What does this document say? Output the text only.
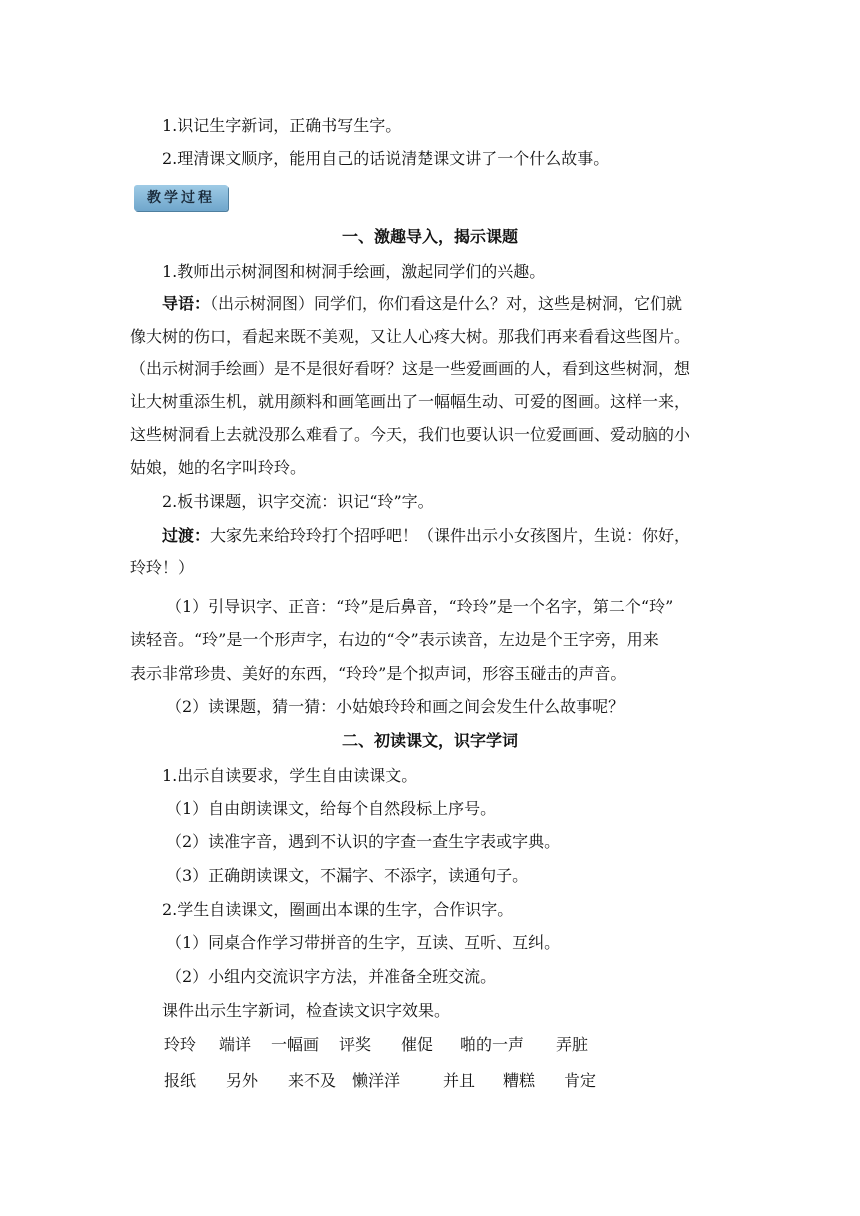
1.识记生字新词，正确书写生字。
2.理清课文顺序，能用自己的话说清楚课文讲了一个什么故事。
教学过程
一、激趣导入，揭示课题
1.教师出示树洞图和树洞手绘画，激起同学们的兴趣。
导语：（出示树洞图）同学们，你们看这是什么？对，这些是树洞，它们就
像大树的伤口，看起来既不美观，又让人心疼大树。那我们再来看看这些图片。
（出示树洞手绘画）是不是很好看呀？这是一些爱画画的人，看到这些树洞，想
让大树重添生机，就用颜料和画笔画出了一幅幅生动、可爱的图画。这样一来，
这些树洞看上去就没那么难看了。今天，我们也要认识一位爱画画、爱动脑的小
姑娘，她的名字叫玲玲。
2.板书课题，识字交流：识记“玲”字。
过渡：大家先来给玲玲打个招呼吧！（课件出示小女孩图片，生说：你好，
玲玲！）
（1）引导识字、正音：“玲”是后鼻音，“玲玲”是一个名字，第二个“玲”
读轻音。“玲”是一个形声字，右边的“令”表示读音，左边是个王字旁，用来
表示非常珍贵、美好的东西，“玲玲”是个拟声词，形容玉碰击的声音。
（2）读课题，猜一猜：小姑娘玲玲和画之间会发生什么故事呢？
二、初读课文，识字学词
1.出示自读要求，学生自由读课文。
（1）自由朗读课文，给每个自然段标上序号。
（2）读准字音，遇到不认识的字查一查生字表或字典。
（3）正确朗读课文，不漏字、不添字，读通句子。
2.学生自读课文，圈画出本课的生字，合作识字。
（1）同桌合作学习带拼音的生字，互读、互听、互纠。
（2）小组内交流识字方法，并准备全班交流。
课件出示生字新词，检查读文识字效果。
玲玲 端详 一幅画 评奖 催促 啪的一声 弄脏
报纸 另外 来不及 懒洋洋	并且 糟糕 肯定
